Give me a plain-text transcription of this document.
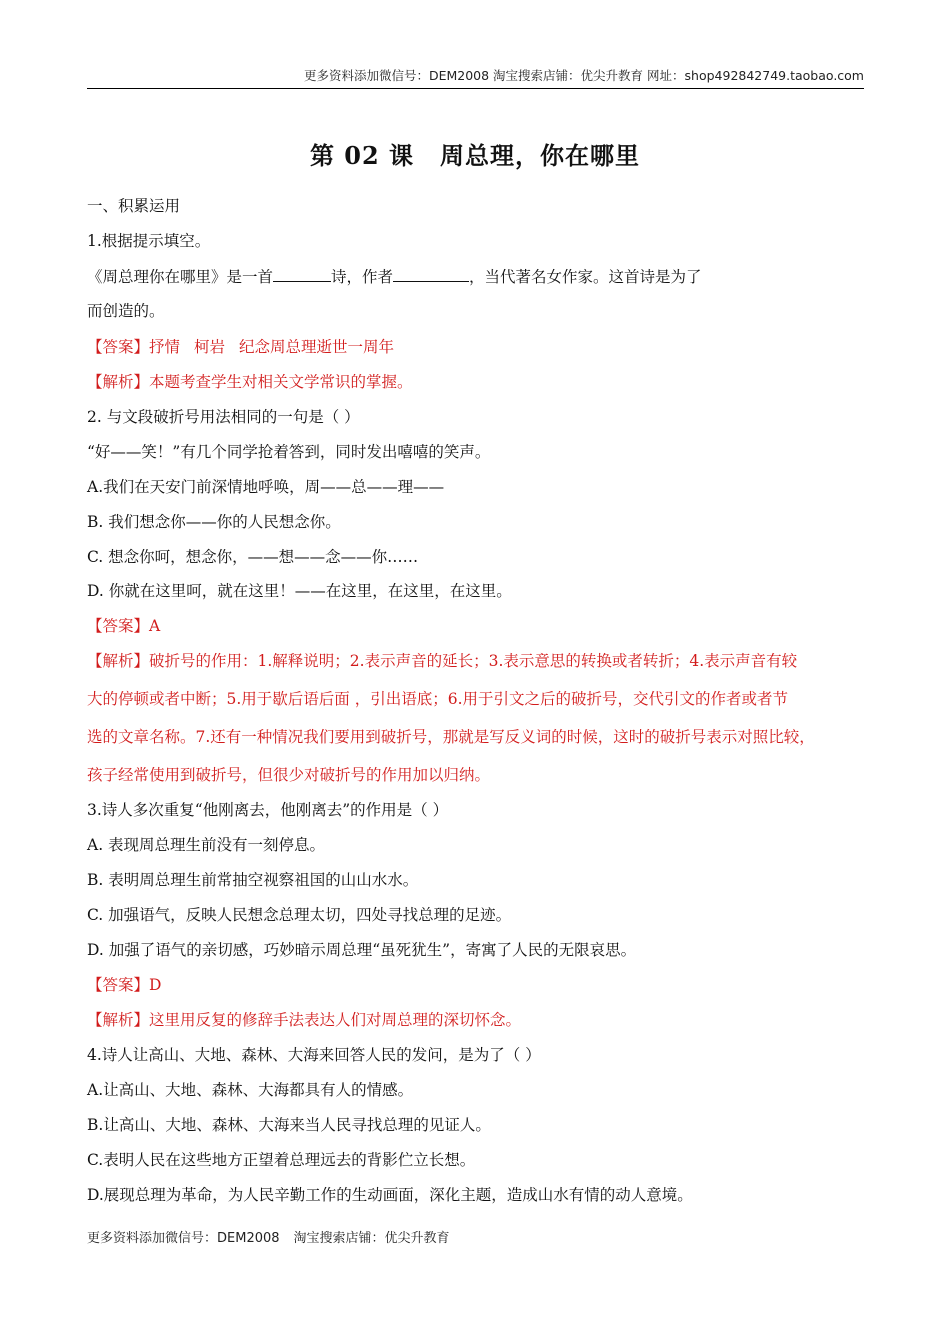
更多资料添加微信号：DEM2008 淘宝搜索店铺：优尖升教育 网址：shop492842749.taobao.com
第 02 课 周总理，你在哪里
一、积累运用
1.根据提示填空。
《周总理你在哪里》是一首	诗，作者	，当代著名女作家。这首诗是为了
而创造的。
【答案】抒情 柯岩 纪念周总理逝世一周年
【解析】本题考查学生对相关文学常识的掌握。
2. 与文段破折号用法相同的一句是（ ）
“好——笑！”有几个同学抢着答到，同时发出嘻嘻的笑声。
A.我们在天安门前深情地呼唤，周——总——理——
B. 我们想念你——你的人民想念你。
C. 想念你呵，想念你，——想——念——你……
D. 你就在这里呵，就在这里！——在这里，在这里，在这里。
【答案】A
【解析】破折号的作用：1.解释说明；2.表示声音的延长；3.表示意思的转换或者转折；4.表示声音有较
大的停顿或者中断；5.用于歇后语后面 ，引出语底；6.用于引文之后的破折号，交代引文的作者或者节
选的文章名称。7.还有一种情况我们要用到破折号，那就是写反义词的时候，这时的破折号表示对照比较，
孩子经常使用到破折号，但很少对破折号的作用加以归纳。
3.诗人多次重复“他刚离去，他刚离去”的作用是（ ）
A. 表现周总理生前没有一刻停息。
B. 表明周总理生前常抽空视察祖国的山山水水。
C. 加强语气，反映人民想念总理太切，四处寻找总理的足迹。
D. 加强了语气的亲切感，巧妙暗示周总理“虽死犹生”，寄寓了人民的无限哀思。
【答案】D
【解析】这里用反复的修辞手法表达人们对周总理的深切怀念。
4.诗人让高山、大地、森林、大海来回答人民的发问，是为了（ ）
A.让高山、大地、森林、大海都具有人的情感。
B.让高山、大地、森林、大海来当人民寻找总理的见证人。
C.表明人民在这些地方正望着总理远去的背影伫立长想。
D.展现总理为革命，为人民辛勤工作的生动画面，深化主题，造成山水有情的动人意境。
更多资料添加微信号：DEM2008 淘宝搜索店铺：优尖升教育
